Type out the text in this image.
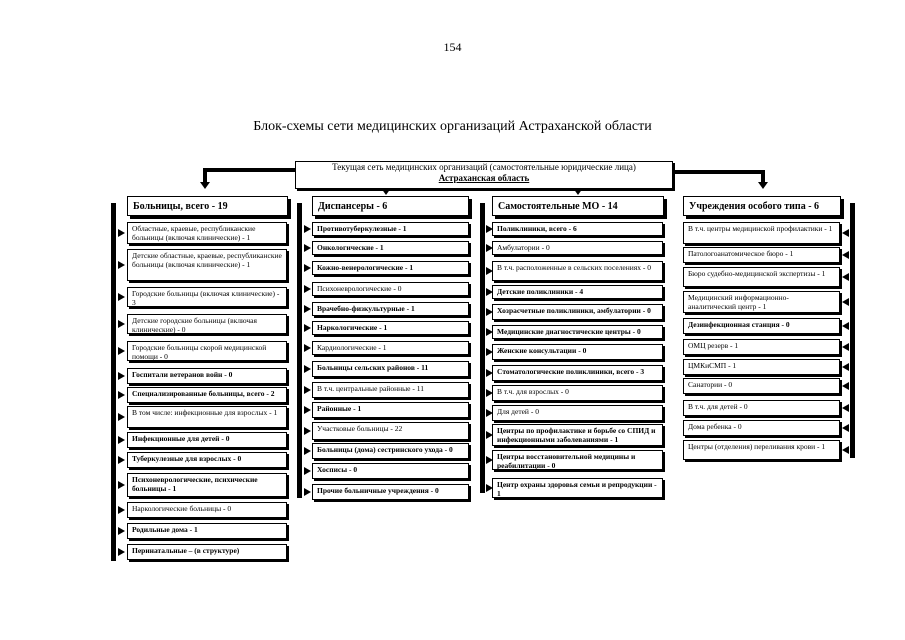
154
Блок-схемы сети медицинских организаций Астраханской области
Текущая сеть медицинских организаций (самостоятельные юридические лица)
Астраханская область
Больницы, всего - 19
Областные, краевые, республиканские больницы (включая клинические) - 1
Детские областные, краевые, республиканские больницы (включая клинические) - 1
Городские больницы (включая клинические) - 3
Детские городские больницы (включая клинические) - 0
Городские больницы скорой медицинской помощи - 0
Госпитали ветеранов войн - 0
Специализированные больницы, всего - 2
В том числе: инфекционные для взрослых - 1
Инфекционные для детей - 0
Туберкулезные для взрослых - 0
Психоневрологические, психические больницы - 1
Наркологические больницы - 0
Родильные дома - 1
Перинатальные – (в структуре)
Диспансеры - 6
Противотуберкулезные - 1
Онкологические - 1
Кожно-венерологические - 1
Психоневрологические - 0
Врачебно-физкультурные - 1
Наркологические - 1
Кардиологические - 1
Больницы сельских районов - 11
В т.ч. центральные районные - 11
Районные - 1
Участковые больницы - 22
Больницы (дома) сестринского ухода - 0
Хосписы - 0
Прочие больничные учреждения - 0
Самостоятельные МО - 14
Поликлиники, всего - 6
Амбулатории - 0
В т.ч. расположенные в сельских поселениях - 0
Детские поликлиники - 4
Хозрасчетные поликлиники, амбулатории - 0
Медицинские диагностические центры - 0
Женские консультации - 0
Стоматологические поликлиники, всего - 3
В т.ч. для взрослых - 0
Для детей - 0
Центры по профилактике и борьбе со СПИД и инфекционными заболеваниями - 1
Центры восстановительной медицины и реабилитации - 0
Центр охраны здоровья семьи и репродукции - 1
Учреждения особого типа - 6
В т.ч. центры медицинской профилактики - 1
Патологоанатомическое бюро - 1
Бюро судебно-медицинской экспертизы - 1
Медицинский информационно-аналитический центр - 1
Дезинфекционная станция - 0
ОМЦ резерв - 1
ЦМКиСМП - 1
Санатории - 0
В т.ч. для детей - 0
Дома ребенка - 0
Центры (отделения) переливания крови - 1
